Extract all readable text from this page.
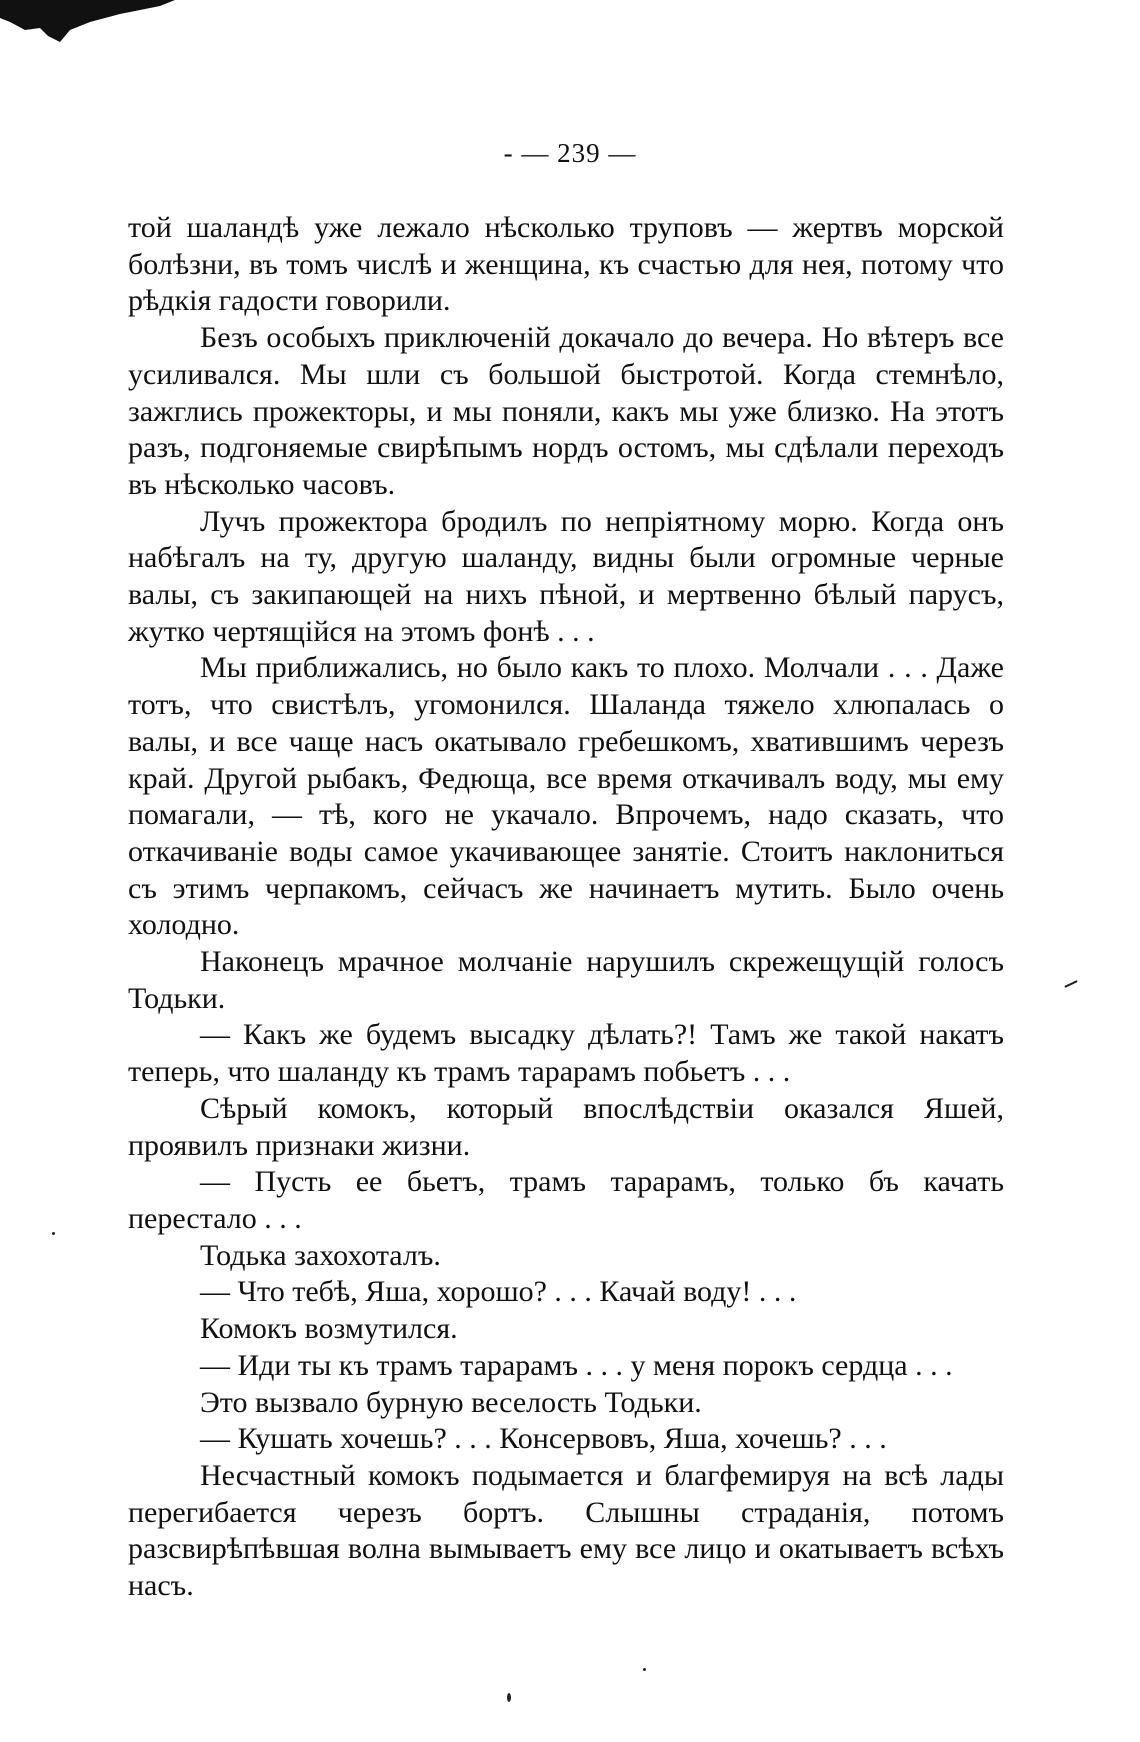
- — 239 —

той шаландѣ уже лежало нѣсколько труповъ — жертвъ морской болѣзни, въ томъ числѣ и женщина, къ счастью для нея, потому что рѣдкія гадости говорили.

Безъ особыхъ приключенiй докачало до вечера. Но вѣтеръ все усиливался. Мы шли съ большой быстротой. Когда стемнѣло, зажглись прожекторы, и мы поняли, какъ мы уже близко. На этотъ разъ, подгоняемые свирѣпымъ нордъ остомъ, мы сдѣлали переходъ въ нѣсколько часовъ.

Лучъ прожектора бродилъ по непрiятному морю. Когда онъ набѣгалъ на ту, другую шаланду, видны были огромные черные валы, съ закипающей на нихъ пѣной, и мертвенно бѣлый парусъ, жутко чертящiйся на этомъ фонѣ . . .

Мы приближались, но было какъ то плохо. Молчали . . . Даже тотъ, что свистѣлъ, угомонился. Шаланда тяжело хлюпалась о валы, и все чаще насъ окатывало гребешкомъ, хватившимъ черезъ край. Другой рыбакъ, Федюща, все время откачивалъ воду, мы ему помагали, — тѣ, кого не укачало. Впрочемъ, надо сказать, что откачиванiе воды самое укачивающее занятiе. Стоитъ наклониться съ этимъ черпакомъ, сейчасъ же начинаетъ мутить. Было очень холодно.

Наконецъ мрачное молчанiе нарушилъ скрежещущiй голосъ Тодьки.

— Какъ же будемъ высадку дѣлать?! Тамъ же такой накатъ теперь, что шаланду къ трамъ тарарамъ побьетъ . . .

Сѣрый комокъ, который впослѣдствiи оказался Яшей, проявилъ признаки жизни.

— Пусть ее бьетъ, трамъ тарарамъ, только бъ качать перестало . . .

Тодька захохоталъ.

— Что тебѣ, Яша, хорошо? . . . Качай воду! . . .

Комокъ возмутился.

— Иди ты къ трамъ тарарамъ . . . у меня порокъ сердца . . .

Это вызвало бурную веселость Тодьки.

— Кушать хочешь? . . . Консервовъ, Яша, хочешь? . . .

Несчастный комокъ подымается и благфемируя на всѣ лады перегибается черезъ бортъ. Слышны страданiя, потомъ разсвирѣпѣвшая волна вымываетъ ему все лицо и окатываетъ всѣхъ насъ.
